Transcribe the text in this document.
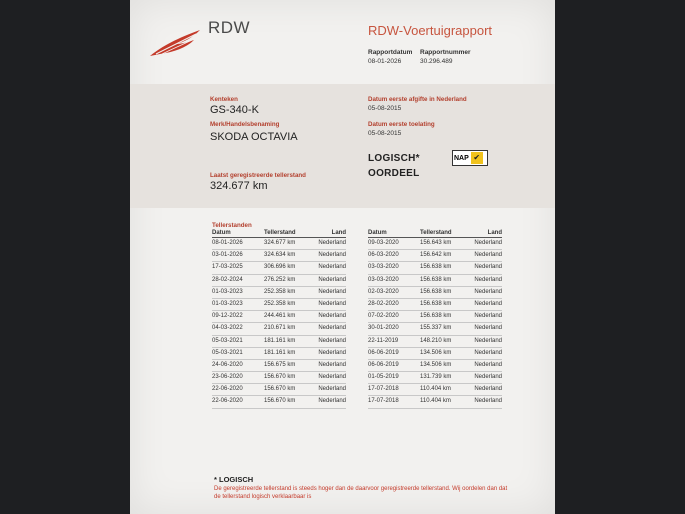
RDW	RDW-Voertuigrapport
Rapportdatum Rapportnummer
08-01-2026	30.296.489
Kenteken
GS-340-K
Merk/Handelsbenaming
SKODA OCTAVIA
Laatst geregistreerde tellerstand
324.677 km
Datum eerste afgifte in Nederland
05-08-2015
Datum eerste toelating
05-08-2015
LOGISCH*
OORDEEL
NAP ✔
Tellerstanden
Datum	Tellerstand	Land
08-01-2026	324.677 km	Nederland
03-01-2026	324.634 km	Nederland
17-03-2025	306.696 km	Nederland
28-02-2024	276.252 km	Nederland
01-03-2023	252.358 km	Nederland
01-03-2023	252.358 km	Nederland
09-12-2022	244.461 km	Nederland
04-03-2022	210.671 km	Nederland
05-03-2021	181.161 km	Nederland
05-03-2021	181.161 km	Nederland
24-06-2020	156.675 km	Nederland
23-06-2020	156.670 km	Nederland
22-06-2020	156.670 km	Nederland
22-06-2020	156.670 km	Nederland
Datum	Tellerstand	Land
09-03-2020	156.643 km	Nederland
06-03-2020	156.642 km	Nederland
03-03-2020	156.638 km	Nederland
03-03-2020	156.638 km	Nederland
02-03-2020	156.638 km	Nederland
28-02-2020	156.638 km	Nederland
07-02-2020	156.638 km	Nederland
30-01-2020	155.337 km	Nederland
22-11-2019	148.210 km	Nederland
06-06-2019	134.506 km	Nederland
06-06-2019	134.506 km	Nederland
01-05-2019	131.739 km	Nederland
17-07-2018	110.404 km	Nederland
17-07-2018	110.404 km	Nederland
* LOGISCH
De geregistreerde tellerstand is steeds hoger dan de daarvoor geregistreerde tellerstand. Wij oordelen dan dat de tellerstand logisch verklaarbaar is
